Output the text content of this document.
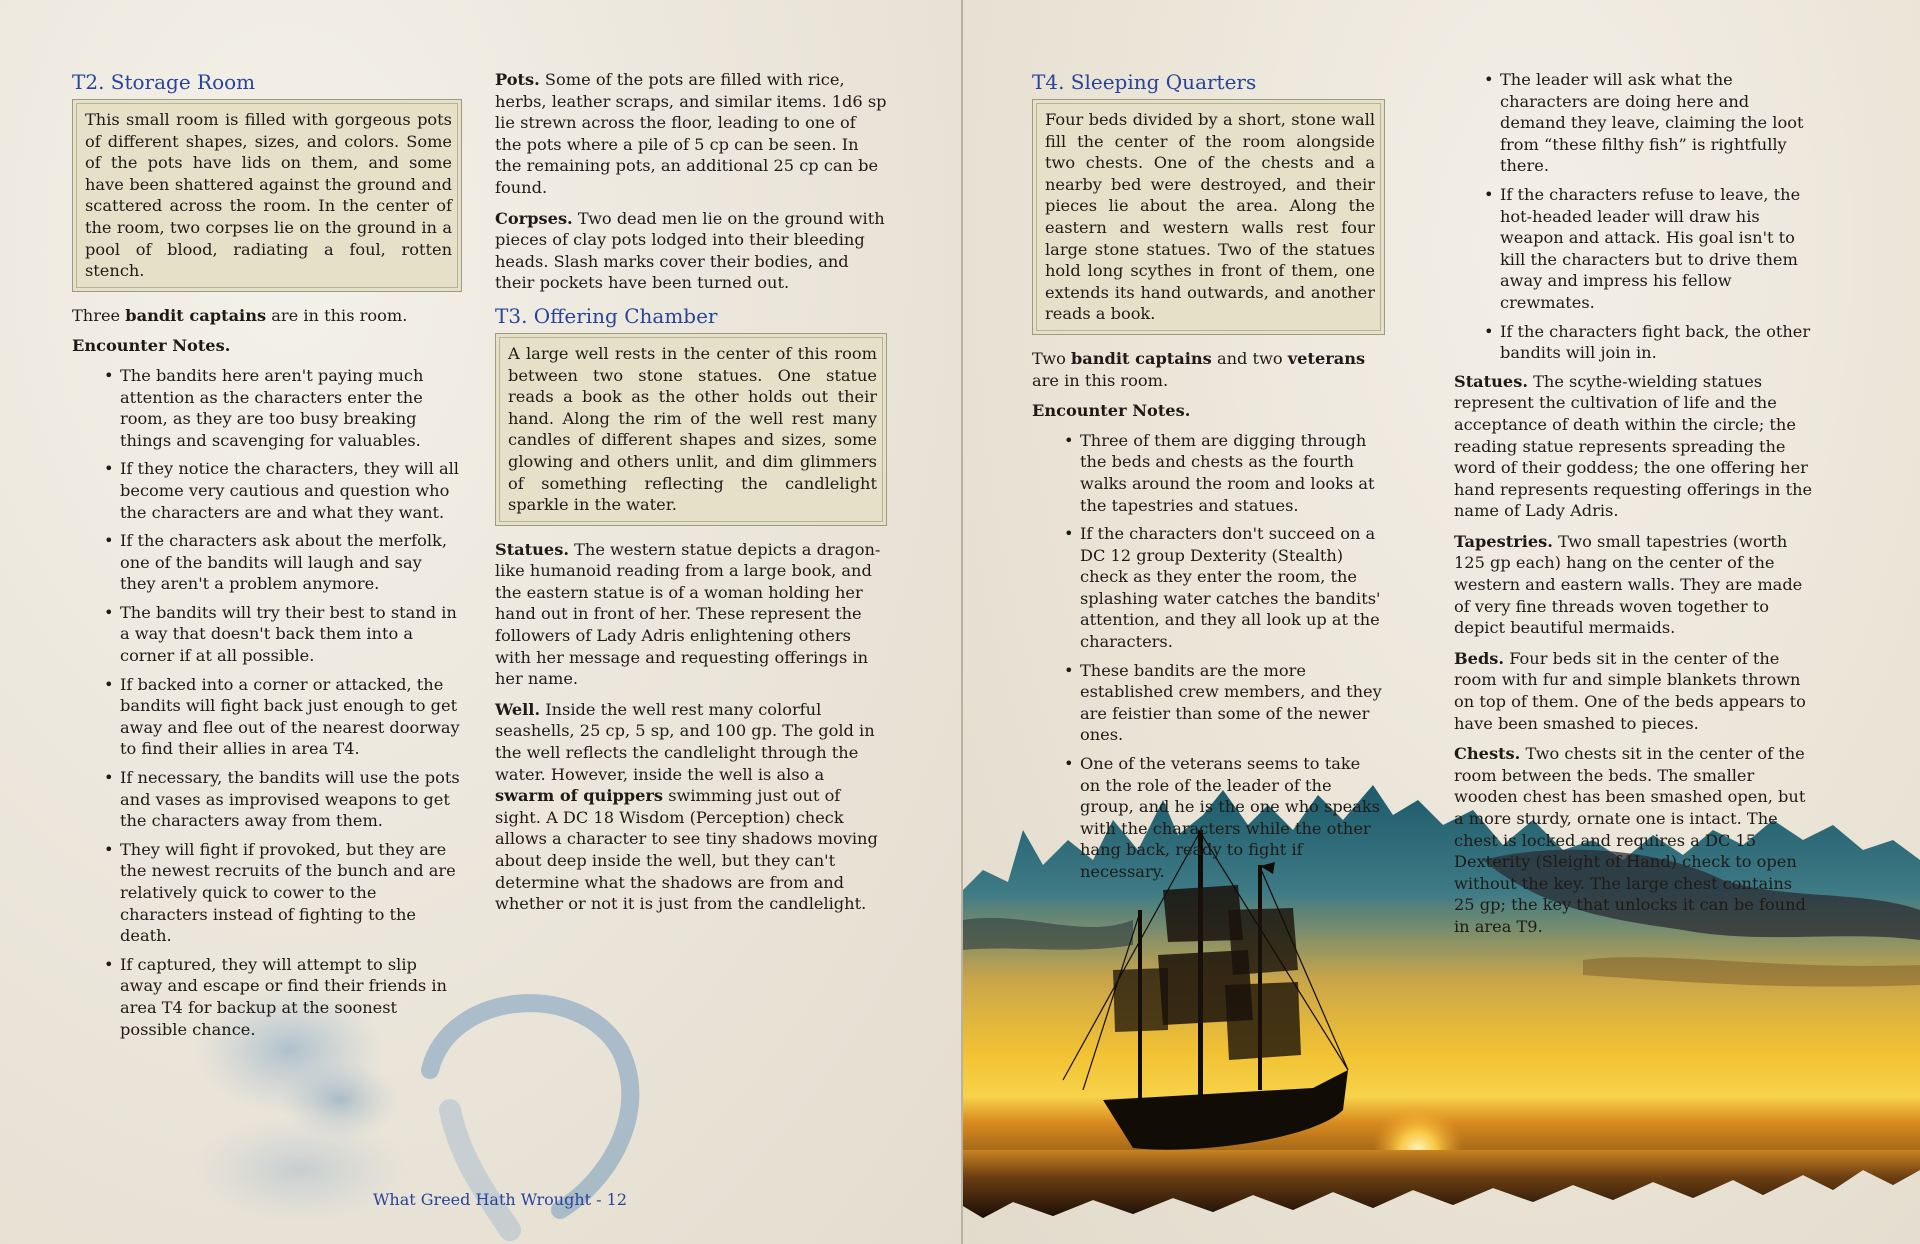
T2. Storage Room
This small room is filled with gorgeous pots of different shapes, sizes, and colors. Some of the pots have lids on them, and some have been shattered against the ground and scattered across the room. In the center of the room, two corpses lie on the ground in a pool of blood, radiating a foul, rotten stench.

Three bandit captains are in this room.

Encounter Notes.
• The bandits here aren't paying much attention as the characters enter the room, as they are too busy breaking things and scavenging for valuables.
• If they notice the characters, they will all become very cautious and question who the characters are and what they want.
• If the characters ask about the merfolk, one of the bandits will laugh and say they aren't a problem anymore.
• The bandits will try their best to stand in a way that doesn't back them into a corner if at all possible.
• If backed into a corner or attacked, the bandits will fight back just enough to get away and flee out of the nearest doorway to find their allies in area T4.
• If necessary, the bandits will use the pots and vases as improvised weapons to get the characters away from them.
• They will fight if provoked, but they are the newest recruits of the bunch and are relatively quick to cower to the characters instead of fighting to the death.
• If captured, they will attempt to slip away and escape or find their friends in area T4 for backup at the soonest possible chance.

Pots. Some of the pots are filled with rice, herbs, leather scraps, and similar items. 1d6 sp lie strewn across the floor, leading to one of the pots where a pile of 5 cp can be seen. In the remaining pots, an additional 25 cp can be found.

Corpses. Two dead men lie on the ground with pieces of clay pots lodged into their bleeding heads. Slash marks cover their bodies, and their pockets have been turned out.

T3. Offering Chamber
A large well rests in the center of this room between two stone statues. One statue reads a book as the other holds out their hand. Along the rim of the well rest many candles of different shapes and sizes, some glowing and others unlit, and dim glimmers of something reflecting the candlelight sparkle in the water.

Statues. The western statue depicts a dragon-like humanoid reading from a large book, and the eastern statue is of a woman holding her hand out in front of her. These represent the followers of Lady Adris enlightening others with her message and requesting offerings in her name.

Well. Inside the well rest many colorful seashells, 25 cp, 5 sp, and 100 gp. The gold in the well reflects the candlelight through the water. However, inside the well is also a swarm of quippers swimming just out of sight. A DC 18 Wisdom (Perception) check allows a character to see tiny shadows moving about deep inside the well, but they can't determine what the shadows are from and whether or not it is just from the candlelight.

What Greed Hath Wrought - 12
T4. Sleeping Quarters
Four beds divided by a short, stone wall fill the center of the room alongside two chests. One of the chests and a nearby bed were destroyed, and their pieces lie about the area. Along the eastern and western walls rest four large stone statues. Two of the statues hold long scythes in front of them, one extends its hand outwards, and another reads a book.

Two bandit captains and two veterans are in this room.

Encounter Notes.
• Three of them are digging through the beds and chests as the fourth walks around the room and looks at the tapestries and statues.
• If the characters don't succeed on a DC 12 group Dexterity (Stealth) check as they enter the room, the splashing water catches the bandits' attention, and they all look up at the characters.
• These bandits are the more established crew members, and they are feistier than some of the newer ones.
• One of the veterans seems to take on the role of the leader of the group, and he is the one who speaks with the characters while the other hang back, ready to fight if necessary.
• The leader will ask what the characters are doing here and demand they leave, claiming the loot from “these filthy fish” is rightfully there.
• If the characters refuse to leave, the hot-headed leader will draw his weapon and attack. His goal isn't to kill the characters but to drive them away and impress his fellow crewmates.
• If the characters fight back, the other bandits will join in.

Statues. The scythe-wielding statues represent the cultivation of life and the acceptance of death within the circle; the reading statue represents spreading the word of their goddess; the one offering her hand represents requesting offerings in the name of Lady Adris.

Tapestries. Two small tapestries (worth 125 gp each) hang on the center of the western and eastern walls. They are made of very fine threads woven together to depict beautiful mermaids.

Beds. Four beds sit in the center of the room with fur and simple blankets thrown on top of them. One of the beds appears to have been smashed to pieces.

Chests. Two chests sit in the center of the room between the beds. The smaller wooden chest has been smashed open, but a more sturdy, ornate one is intact. The chest is locked and requires a DC 15 Dexterity (Sleight of Hand) check to open without the key. The large chest contains 25 gp; the key that unlocks it can be found in area T9.
